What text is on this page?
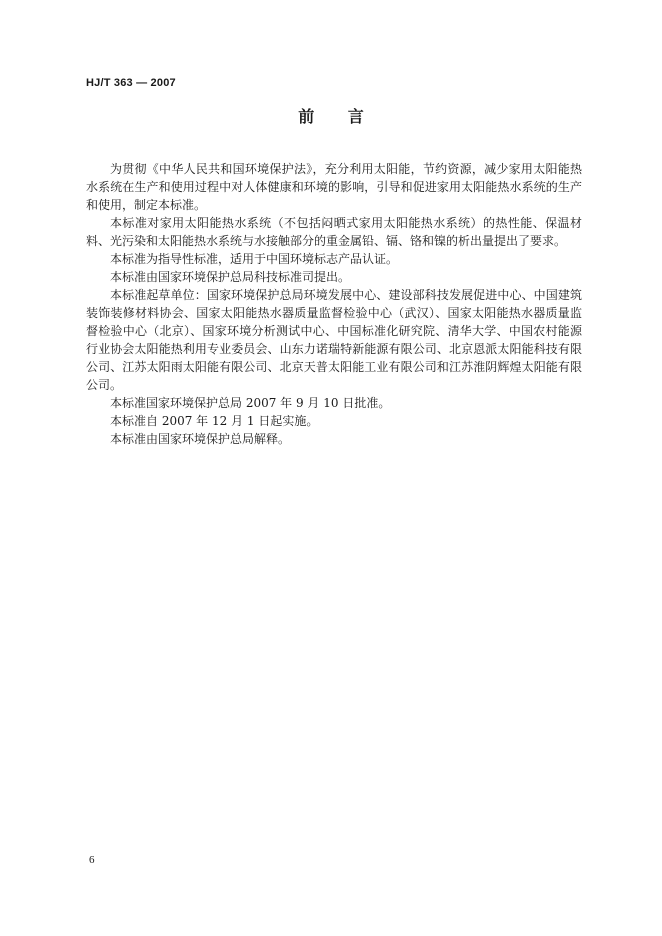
HJ/T 363 — 2007
前 言

为贯彻《中华人民共和国环境保护法》，充分利用太阳能，节约资源，减少家用太阳能热水系统在生产和使用过程中对人体健康和环境的影响，引导和促进家用太阳能热水系统的生产和使用，制定本标准。

本标准对家用太阳能热水系统（不包括闷晒式家用太阳能热水系统）的热性能、保温材料、光污染和太阳能热水系统与水接触部分的重金属铅、镉、铬和镍的析出量提出了要求。

本标准为指导性标准，适用于中国环境标志产品认证。

本标准由国家环境保护总局科技标准司提出。

本标准起草单位：国家环境保护总局环境发展中心、建设部科技发展促进中心、中国建筑装饰装修材料协会、国家太阳能热水器质量监督检验中心（武汉）、国家太阳能热水器质量监督检验中心（北京）、国家环境分析测试中心、中国标准化研究院、清华大学、中国农村能源行业协会太阳能热利用专业委员会、山东力诺瑞特新能源有限公司、北京恩派太阳能科技有限公司、江苏太阳雨太阳能有限公司、北京天普太阳能工业有限公司和江苏淮阴辉煌太阳能有限公司。

本标准国家环境保护总局 2007 年 9 月 10 日批准。

本标准自 2007 年 12 月 1 日起实施。

本标准由国家环境保护总局解释。

6
